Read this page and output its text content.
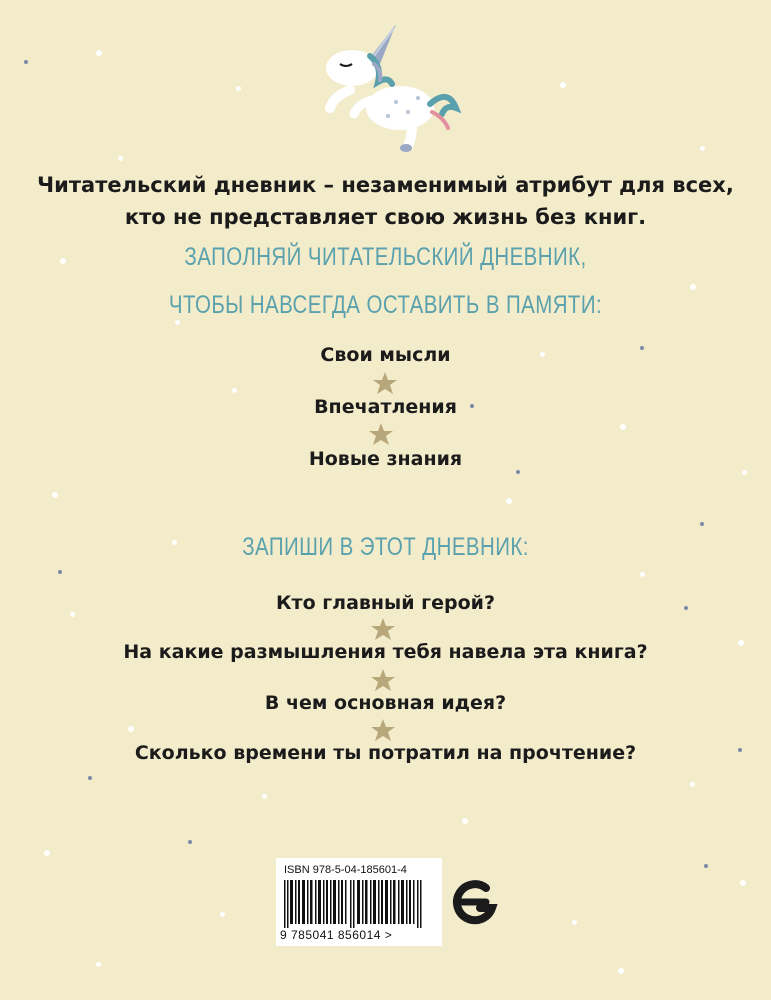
Читательский дневник – незаменимый атрибут для всех,
кто не представляет свою жизнь без книг.
ЗАПОЛНЯЙ ЧИТАТЕЛЬСКИЙ ДНЕВНИК,
ЧТОБЫ НАВСЕГДА ОСТАВИТЬ В ПАМЯТИ:
Свои мысли
Впечатления
Новые знания
ЗАПИШИ В ЭТОТ ДНЕВНИК:
Кто главный герой?
На какие размышления тебя навела эта книга?
В чем основная идея?
Сколько времени ты потратил на прочтение?
ISBN 978-5-04-185601-4
9 785041 856014 >
